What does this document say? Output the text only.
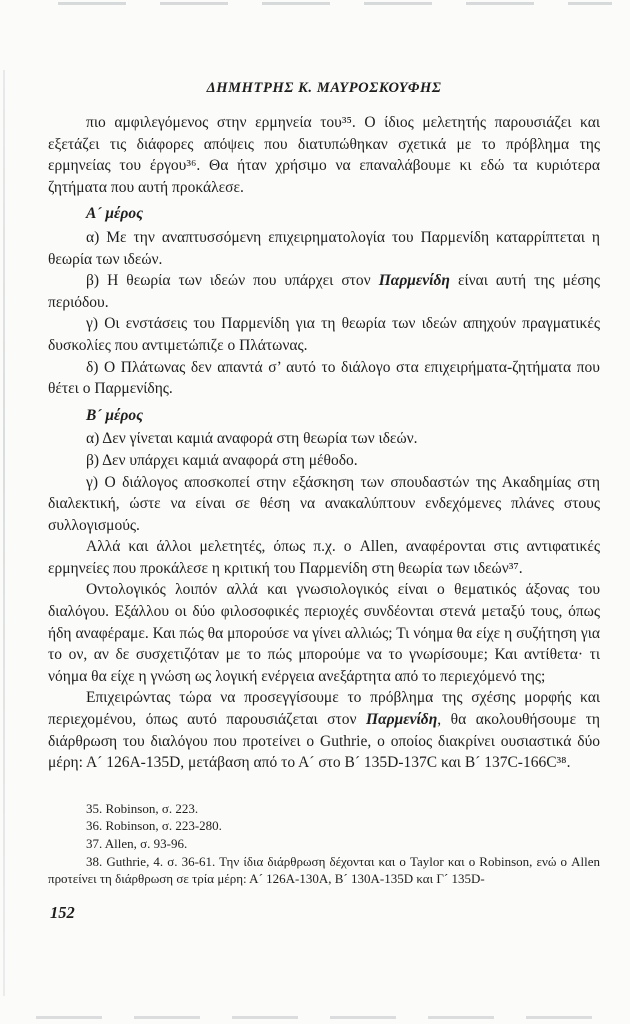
ΔΗΜΗΤΡΗΣ Κ. ΜΑΥΡΟΣΚΟΥΦΗΣ

πιο αμφιλεγόμενος στην ερμηνεία του³⁵. Ο ίδιος μελετητής παρουσιάζει και εξετάζει τις διάφορες απόψεις που διατυπώθηκαν σχετικά με το πρόβλημα της ερμηνείας του έργου³⁶. Θα ήταν χρήσιμο να επαναλάβουμε κι εδώ τα κυριότερα ζητήματα που αυτή προκάλεσε.

Α´ μέρος

α) Με την αναπτυσσόμενη επιχειρηματολογία του Παρμενίδη καταρρίπτεται η θεωρία των ιδεών.

β) Η θεωρία των ιδεών που υπάρχει στον Παρμενίδη είναι αυτή της μέσης περιόδου.

γ) Οι ενστάσεις του Παρμενίδη για τη θεωρία των ιδεών απηχούν πραγματικές δυσκολίες που αντιμετώπιζε ο Πλάτωνας.

δ) Ο Πλάτωνας δεν απαντά σ’ αυτό το διάλογο στα επιχειρήματα-ζητήματα που θέτει ο Παρμενίδης.

Β´ μέρος

α) Δεν γίνεται καμιά αναφορά στη θεωρία των ιδεών.

β) Δεν υπάρχει καμιά αναφορά στη μέθοδο.

γ) Ο διάλογος αποσκοπεί στην εξάσκηση των σπουδαστών της Ακαδημίας στη διαλεκτική, ώστε να είναι σε θέση να ανακαλύπτουν ενδεχόμενες πλάνες στους συλλογισμούς.

Αλλά και άλλοι μελετητές, όπως π.χ. ο Allen, αναφέρονται στις αντιφατικές ερμηνείες που προκάλεσε η κριτική του Παρμενίδη στη θεωρία των ιδεών³⁷.

Οντολογικός λοιπόν αλλά και γνωσιολογικός είναι ο θεματικός άξονας του διαλόγου. Εξάλλου οι δύο φιλοσοφικές περιοχές συνδέονται στενά μεταξύ τους, όπως ήδη αναφέραμε. Και πώς θα μπορούσε να γίνει αλλιώς; Τι νόημα θα είχε η συζήτηση για το ον, αν δε συσχετιζόταν με το πώς μπορούμε να το γνωρίσουμε; Και αντίθετα· τι νόημα θα είχε η γνώση ως λογική ενέργεια ανεξάρτητα από το περιεχόμενό της;

Επιχειρώντας τώρα να προσεγγίσουμε το πρόβλημα της σχέσης μορφής και περιεχομένου, όπως αυτό παρουσιάζεται στον Παρμενίδη, θα ακολουθήσουμε τη διάρθρωση του διαλόγου που προτείνει ο Guthrie, ο οποίος διακρίνει ουσιαστικά δύο μέρη: Α´ 126A-135D, μετάβαση από το Α´ στο Β´ 135D-137C και Β´ 137C-166C³⁸.

35. Robinson, σ. 223.

36. Robinson, σ. 223-280.

37. Allen, σ. 93-96.

38. Guthrie, 4. σ. 36-61. Την ίδια διάρθρωση δέχονται και ο Taylor και ο Robinson, ενώ ο Allen προτείνει τη διάρθρωση σε τρία μέρη: Α´ 126A-130A, Β´ 130A-135D και Γ´ 135D-

152
